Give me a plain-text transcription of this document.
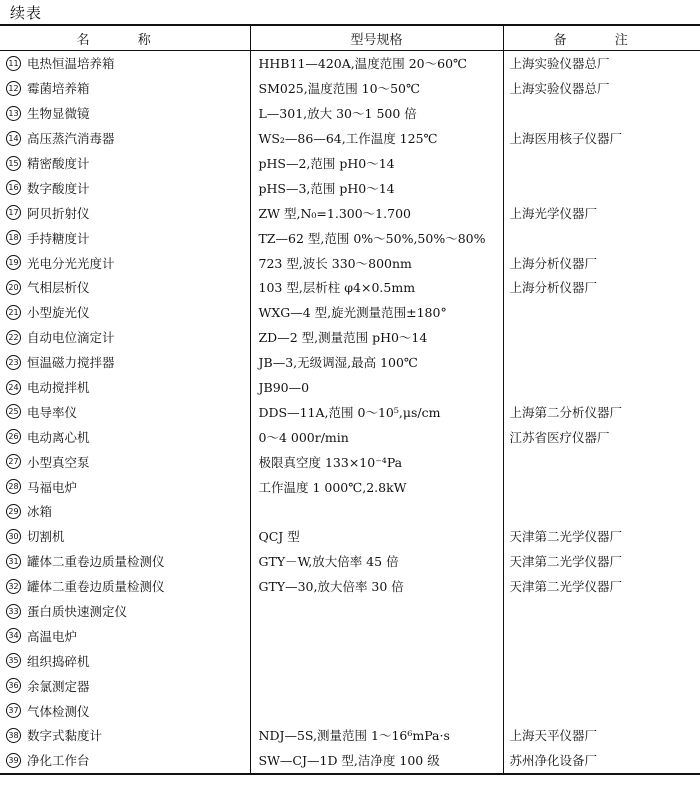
续表
名 称	型号规格	备 注
11 电热恒温培养箱	HHB11—420A,温度范围 20～60℃	上海实验仪器总厂
12 霉菌培养箱	SM025,温度范围 10～50℃	上海实验仪器总厂
13 生物显微镜	L—301,放大 30～1 500 倍	
14 高压蒸汽消毒器	WS₂—86—64,工作温度 125℃	上海医用核子仪器厂
15 精密酸度计	pHS—2,范围 pH0～14	
16 数字酸度计	pHS—3,范围 pH0～14	
17 阿贝折射仪	ZW 型,N₀=1.300～1.700	上海光学仪器厂
18 手持糖度计	TZ—62 型,范围 0%～50%,50%～80%	
19 光电分光光度计	723 型,波长 330～800nm	上海分析仪器厂
20 气相层析仪	103 型,层析柱 φ4×0.5mm	上海分析仪器厂
21 小型旋光仪	WXG—4 型,旋光测量范围±180°	
22 自动电位滴定计	ZD—2 型,测量范围 pH0～14	
23 恒温磁力搅拌器	JB—3,无级调湿,最高 100℃	
24 电动搅拌机	JB90—0	
25 电导率仪	DDS—11A,范围 0～10⁵,μs/cm	上海第二分析仪器厂
26 电动离心机	0～4 000r/min	江苏省医疗仪器厂
27 小型真空泵	极限真空度 133×10⁻⁴Pa	
28 马福电炉	工作温度 1 000℃,2.8kW	
29 冰箱		
30 切割机	QCJ 型	天津第二光学仪器厂
31 罐体二重卷边质量检测仪	GTY－W,放大倍率 45 倍	天津第二光学仪器厂
32 罐体二重卷边质量检测仪	GTY—30,放大倍率 30 倍	天津第二光学仪器厂
33 蛋白质快速测定仪		
34 高温电炉		
35 组织捣碎机		
36 余氯测定器		
37 气体检测仪		
38 数字式黏度计	NDJ—5S,测量范围 1～16⁶mPa·s	上海天平仪器厂
39 净化工作台	SW—CJ—1D 型,洁净度 100 级	苏州净化设备厂
